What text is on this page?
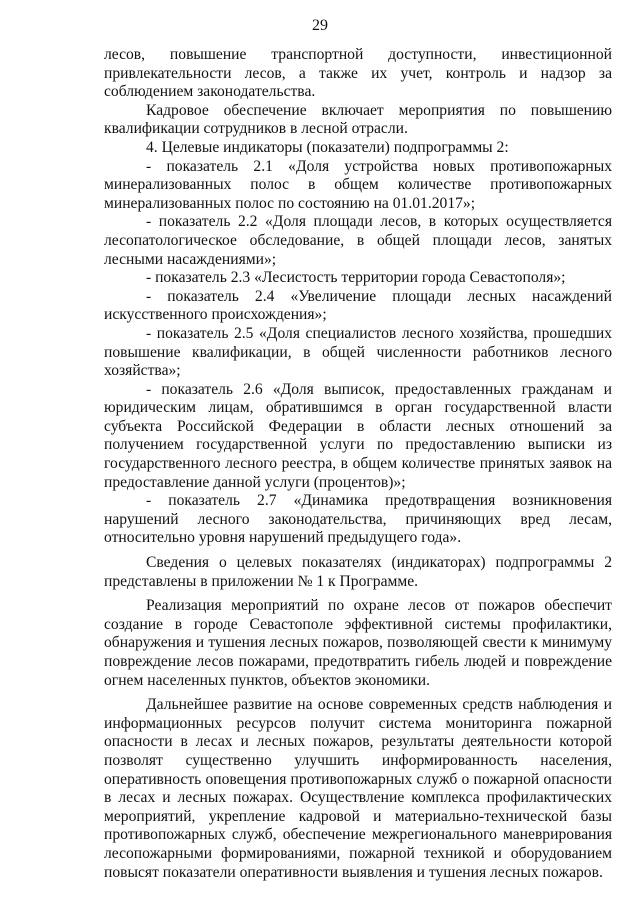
29

лесов, повышение транспортной доступности, инвестиционной привлекательности лесов, а также их учет, контроль и надзор за соблюдением законодательства.

Кадровое обеспечение включает мероприятия по повышению квалификации сотрудников в лесной отрасли.

4. Целевые индикаторы (показатели) подпрограммы 2:

- показатель 2.1 «Доля устройства новых противопожарных минерализованных полос в общем количестве противопожарных минерализованных полос по состоянию на 01.01.2017»;

- показатель 2.2 «Доля площади лесов, в которых осуществляется лесопатологическое обследование, в общей площади лесов, занятых лесными насаждениями»;

- показатель 2.3 «Лесистость территории города Севастополя»;

- показатель 2.4 «Увеличение площади лесных насаждений искусственного происхождения»;

- показатель 2.5 «Доля специалистов лесного хозяйства, прошедших повышение квалификации, в общей численности работников лесного хозяйства»;

- показатель 2.6 «Доля выписок, предоставленных гражданам и юридическим лицам, обратившимся в орган государственной власти субъекта Российской Федерации в области лесных отношений за получением государственной услуги по предоставлению выписки из государственного лесного реестра, в общем количестве принятых заявок на предоставление данной услуги (процентов)»;

- показатель 2.7 «Динамика предотвращения возникновения нарушений лесного законодательства, причиняющих вред лесам, относительно уровня нарушений предыдущего года».

Сведения о целевых показателях (индикаторах) подпрограммы 2 представлены в приложении № 1 к Программе.

Реализация мероприятий по охране лесов от пожаров обеспечит создание в городе Севастополе эффективной системы профилактики, обнаружения и тушения лесных пожаров, позволяющей свести к минимуму повреждение лесов пожарами, предотвратить гибель людей и повреждение огнем населенных пунктов, объектов экономики.

Дальнейшее развитие на основе современных средств наблюдения и информационных ресурсов получит система мониторинга пожарной опасности в лесах и лесных пожаров, результаты деятельности которой позволят существенно улучшить информированность населения, оперативность оповещения противопожарных служб о пожарной опасности в лесах и лесных пожарах. Осуществление комплекса профилактических мероприятий, укрепление кадровой и материально-технической базы противопожарных служб, обеспечение межрегионального маневрирования лесопожарными формированиями, пожарной техникой и оборудованием повысят показатели оперативности выявления и тушения лесных пожаров.
